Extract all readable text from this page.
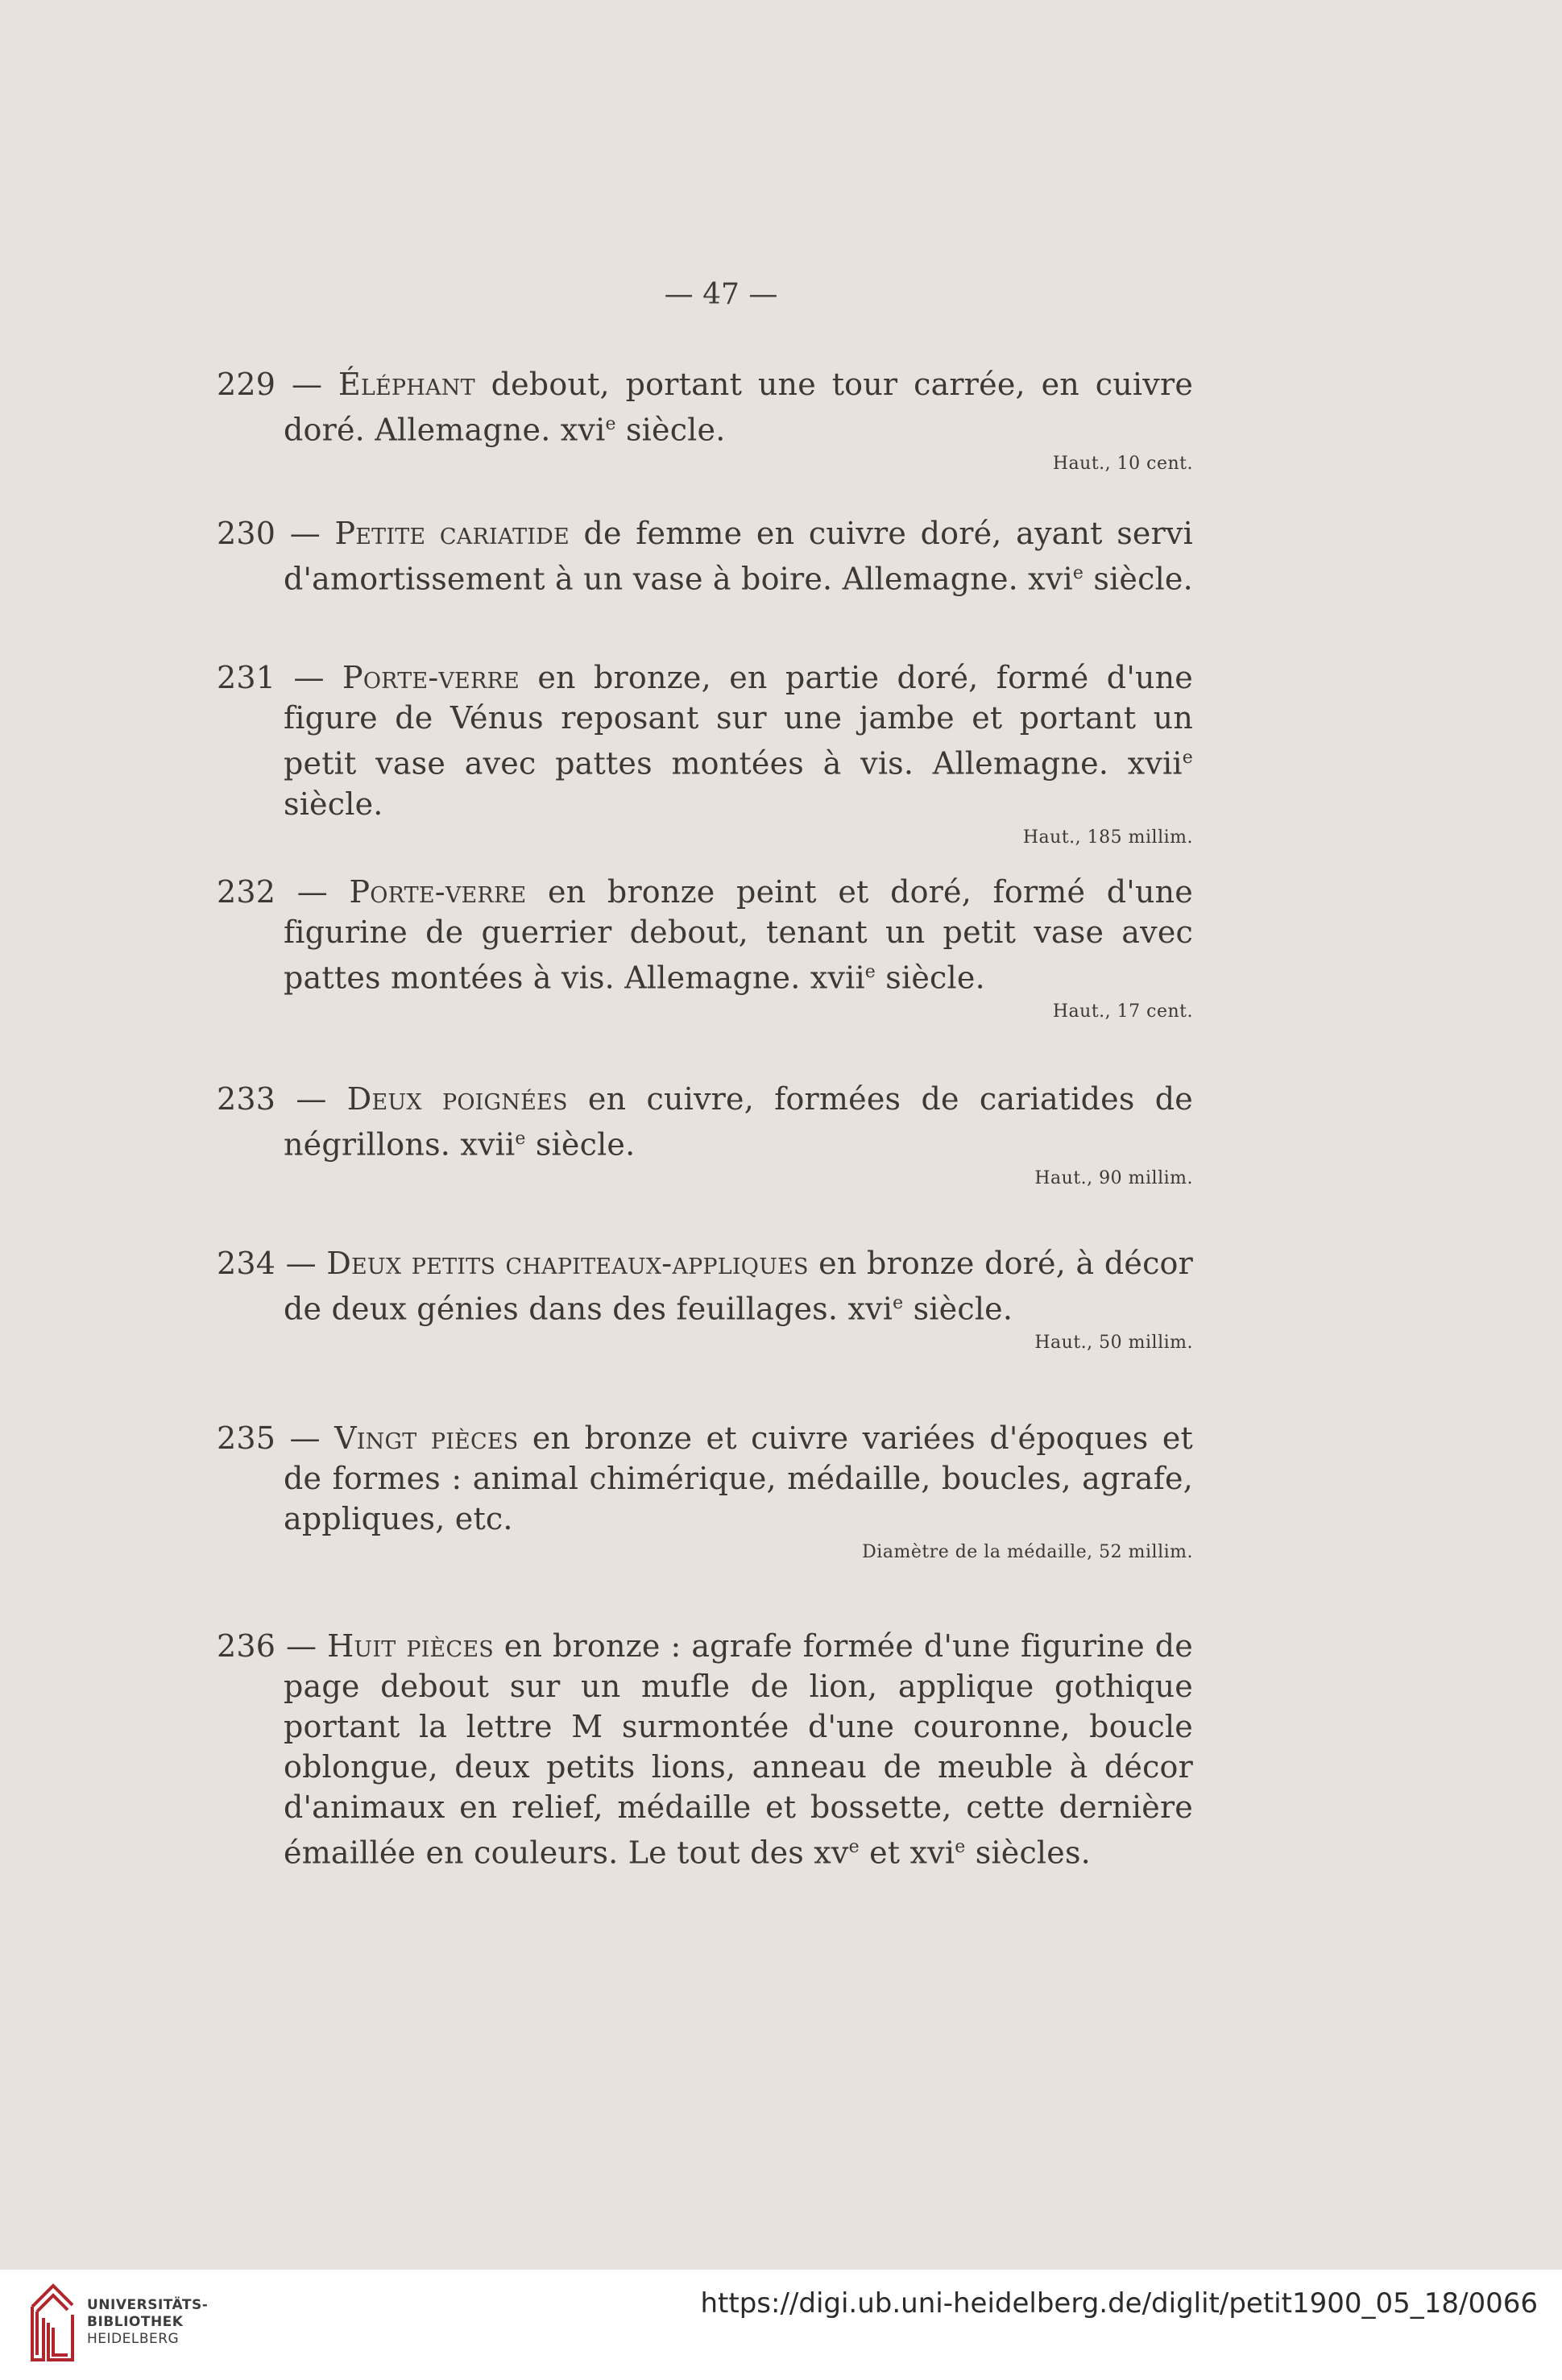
— 47 —

229 — Éléphant debout, portant une tour carrée, en cuivre doré. Allemagne. xvi$^e$ siècle.

Haut., 10 cent.

230 — Petite cariatide de femme en cuivre doré, ayant servi d'amortissement à un vase à boire. Allemagne. xvi$^e$ siècle.

231 — Porte-verre en bronze, en partie doré, formé d'une figure de Vénus reposant sur une jambe et portant un petit vase avec pattes montées à vis. Allemagne. xvii$^e$ siècle.

Haut., 185 millim.

232 — Porte-verre en bronze peint et doré, formé d'une figurine de guerrier debout, tenant un petit vase avec pattes montées à vis. Allemagne. xvii$^e$ siècle.

Haut., 17 cent.

233 — Deux poignées en cuivre, formées de cariatides de négrillons. xvii$^e$ siècle.

Haut., 90 millim.

234 — Deux petits chapiteaux-appliques en bronze doré, à décor de deux génies dans des feuillages. xvi$^e$ siècle.

Haut., 50 millim.

235 — Vingt pièces en bronze et cuivre variées d'époques et de formes : animal chimérique, médaille, boucles, agrafe, appliques, etc.

Diamètre de la médaille, 52 millim.

236 — Huit pièces en bronze : agrafe formée d'une figurine de page debout sur un mufle de lion, applique gothique portant la lettre M surmontée d'une couronne, boucle oblongue, deux petits lions, anneau de meuble à décor d'animaux en relief, médaille et bossette, cette dernière émaillée en couleurs. Le tout des $xv^e$ et xvi$^e$ siècles.

UNIVERSITÄTS-
BIBLIOTHEK
HEIDELBERG
https://digi.ub.uni-heidelberg.de/diglit/petit1900_05_18/0066
